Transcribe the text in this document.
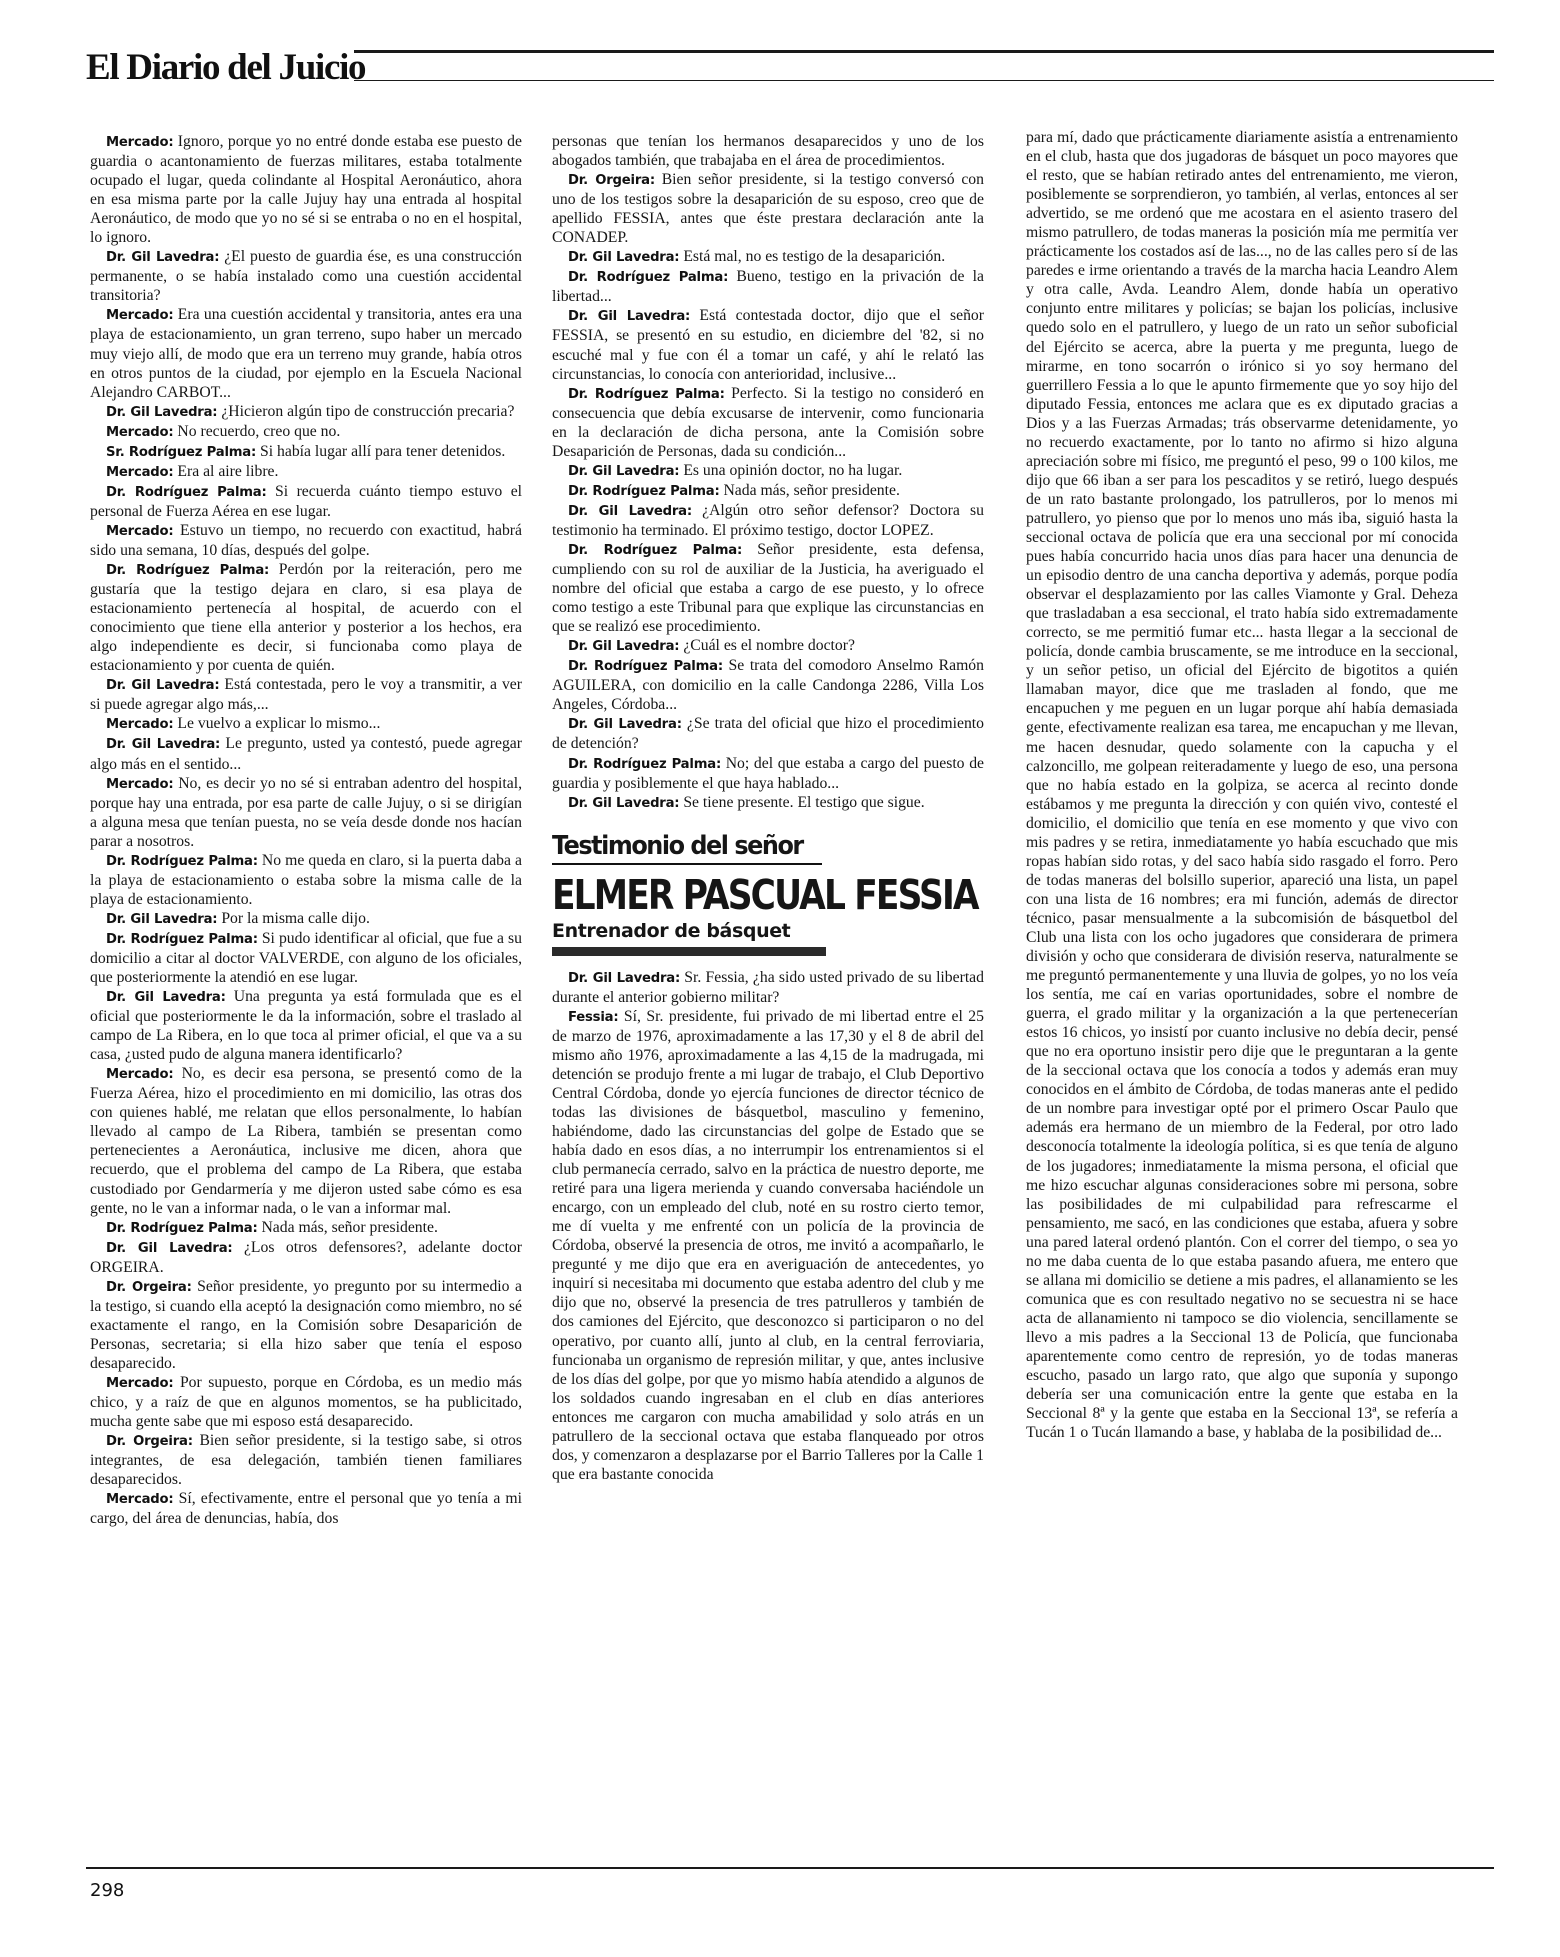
El Diario del Juicio

Mercado: Ignoro, porque yo no entré donde estaba ese puesto de guardia o acantonamiento de fuerzas militares, estaba totalmente ocupado el lugar, queda colindante al Hospital Aeronáutico, ahora en esa misma parte por la calle Jujuy hay una entrada al hospital Aeronáutico, de modo que yo no sé si se entraba o no en el hospital, lo ignoro.

Dr. Gil Lavedra: ¿El puesto de guardia ése, es una construcción permanente, o se había instalado como una cuestión accidental transitoria?

Mercado: Era una cuestión accidental y transitoria, antes era una playa de estacionamiento, un gran terreno, supo haber un mercado muy viejo allí, de modo que era un terreno muy grande, había otros en otros puntos de la ciudad, por ejemplo en la Escuela Nacional Alejandro CARBOT...

Dr. Gil Lavedra: ¿Hicieron algún tipo de construcción precaria?

Mercado: No recuerdo, creo que no.

Sr. Rodríguez Palma: Si había lugar allí para tener detenidos.

Mercado: Era al aire libre.

Dr. Rodríguez Palma: Si recuerda cuánto tiempo estuvo el personal de Fuerza Aérea en ese lugar.

Mercado: Estuvo un tiempo, no recuerdo con exactitud, habrá sido una semana, 10 días, después del golpe.

Dr. Rodríguez Palma: Perdón por la reiteración, pero me gustaría que la testigo dejara en claro, si esa playa de estacionamiento pertenecía al hospital, de acuerdo con el conocimiento que tiene ella anterior y posterior a los hechos, era algo independiente es decir, si funcionaba como playa de estacionamiento y por cuenta de quién.

Dr. Gil Lavedra: Está contestada, pero le voy a transmitir, a ver si puede agregar algo más,...

Mercado: Le vuelvo a explicar lo mismo...

Dr. Gil Lavedra: Le pregunto, usted ya contestó, puede agregar algo más en el sentido...

Mercado: No, es decir yo no sé si entraban adentro del hospital, porque hay una entrada, por esa parte de calle Jujuy, o si se dirigían a alguna mesa que tenían puesta, no se veía desde donde nos hacían parar a nosotros.

Dr. Rodríguez Palma: No me queda en claro, si la puerta daba a la playa de estacionamiento o estaba sobre la misma calle de la playa de estacionamiento.

Dr. Gil Lavedra: Por la misma calle dijo.

Dr. Rodríguez Palma: Si pudo identificar al oficial, que fue a su domicilio a citar al doctor VALVERDE, con alguno de los oficiales, que posteriormente la atendió en ese lugar.

Dr. Gil Lavedra: Una pregunta ya está formulada que es el oficial que posteriormente le da la información, sobre el traslado al campo de La Ribera, en lo que toca al primer oficial, el que va a su casa, ¿usted pudo de alguna manera identificarlo?

Mercado: No, es decir esa persona, se presentó como de la Fuerza Aérea, hizo el procedimiento en mi domicilio, las otras dos con quienes hablé, me relatan que ellos personalmente, lo habían llevado al campo de La Ribera, también se presentan como pertenecientes a Aeronáutica, inclusive me dicen, ahora que recuerdo, que el problema del campo de La Ribera, que estaba custodiado por Gendarmería y me dijeron usted sabe cómo es esa gente, no le van a informar nada, o le van a informar mal.

Dr. Rodríguez Palma: Nada más, señor presidente.

Dr. Gil Lavedra: ¿Los otros defensores?, adelante doctor ORGEIRA.

Dr. Orgeira: Señor presidente, yo pregunto por su intermedio a la testigo, si cuando ella aceptó la designación como miembro, no sé exactamente el rango, en la Comisión sobre Desaparición de Personas, secretaria; si ella hizo saber que tenía el esposo desaparecido.

Mercado: Por supuesto, porque en Córdoba, es un medio más chico, y a raíz de que en algunos momentos, se ha publicitado, mucha gente sabe que mi esposo está desaparecido.

Dr. Orgeira: Bien señor presidente, si la testigo sabe, si otros integrantes, de esa delegación, también tienen familiares desaparecidos.

Mercado: Sí, efectivamente, entre el personal que yo tenía a mi cargo, del área de denuncias, había, dos

personas que tenían los hermanos desaparecidos y uno de los abogados también, que trabajaba en el área de procedimientos.

Dr. Orgeira: Bien señor presidente, si la testigo conversó con uno de los testigos sobre la desaparición de su esposo, creo que de apellido FESSIA, antes que éste prestara declaración ante la CONADEP.

Dr. Gil Lavedra: Está mal, no es testigo de la desaparición.

Dr. Rodríguez Palma: Bueno, testigo en la privación de la libertad...

Dr. Gil Lavedra: Está contestada doctor, dijo que el señor FESSIA, se presentó en su estudio, en diciembre del '82, si no escuché mal y fue con él a tomar un café, y ahí le relató las circunstancias, lo conocía con anterioridad, inclusive...

Dr. Rodríguez Palma: Perfecto. Si la testigo no consideró en consecuencia que debía excusarse de intervenir, como funcionaria en la declaración de dicha persona, ante la Comisión sobre Desaparición de Personas, dada su condición...

Dr. Gil Lavedra: Es una opinión doctor, no ha lugar.

Dr. Rodríguez Palma: Nada más, señor presidente.

Dr. Gil Lavedra: ¿Algún otro señor defensor? Doctora su testimonio ha terminado. El próximo testigo, doctor LOPEZ.

Dr. Rodríguez Palma: Señor presidente, esta defensa, cumpliendo con su rol de auxiliar de la Justicia, ha averiguado el nombre del oficial que estaba a cargo de ese puesto, y lo ofrece como testigo a este Tribunal para que explique las circunstancias en que se realizó ese procedimiento.

Dr. Gil Lavedra: ¿Cuál es el nombre doctor?

Dr. Rodríguez Palma: Se trata del comodoro Anselmo Ramón AGUILERA, con domicilio en la calle Candonga 2286, Villa Los Angeles, Córdoba...

Dr. Gil Lavedra: ¿Se trata del oficial que hizo el procedimiento de detención?

Dr. Rodríguez Palma: No; del que estaba a cargo del puesto de guardia y posiblemente el que haya hablado...

Dr. Gil Lavedra: Se tiene presente. El testigo que sigue.

Testimonio del señor
ELMER PASCUAL FESSIA
Entrenador de básquet

Dr. Gil Lavedra: Sr. Fessia, ¿ha sido usted privado de su libertad durante el anterior gobierno militar?

Fessia: Sí, Sr. presidente, fui privado de mi libertad entre el 25 de marzo de 1976, aproximadamente a las 17,30 y el 8 de abril del mismo año 1976, aproximadamente a las 4,15 de la madrugada, mi detención se produjo frente a mi lugar de trabajo, el Club Deportivo Central Córdoba, donde yo ejercía funciones de director técnico de todas las divisiones de básquetbol, masculino y femenino, habiéndome, dado las circunstancias del golpe de Estado que se había dado en esos días, a no interrumpir los entrenamientos si el club permanecía cerrado, salvo en la práctica de nuestro deporte, me retiré para una ligera merienda y cuando conversaba haciéndole un encargo, con un empleado del club, noté en su rostro cierto temor, me dí vuelta y me enfrenté con un policía de la provincia de Córdoba, observé la presencia de otros, me invitó a acompañarlo, le pregunté y me dijo que era en averiguación de antecedentes, yo inquirí si necesitaba mi documento que estaba adentro del club y me dijo que no, observé la presencia de tres patrulleros y también de dos camiones del Ejército, que desconozco si participaron o no del operativo, por cuanto allí, junto al club, en la central ferroviaria, funcionaba un organismo de represión militar, y que, antes inclusive de los días del golpe, por que yo mismo había atendido a algunos de los soldados cuando ingresaban en el club en días anteriores entonces me cargaron con mucha amabilidad y solo atrás en un patrullero de la seccional octava que estaba flanqueado por otros dos, y comenzaron a desplazarse por el Barrio Talleres por la Calle 1 que era bastante conocida

para mí, dado que prácticamente diariamente asistía a entrenamiento en el club, hasta que dos jugadoras de básquet un poco mayores que el resto, que se habían retirado antes del entrenamiento, me vieron, posiblemente se sorprendieron, yo también, al verlas, entonces al ser advertido, se me ordenó que me acostara en el asiento trasero del mismo patrullero, de todas maneras la posición mía me permitía ver prácticamente los costados así de las..., no de las calles pero sí de las paredes e irme orientando a través de la marcha hacia Leandro Alem y otra calle, Avda. Leandro Alem, donde había un operativo conjunto entre militares y policías; se bajan los policías, inclusive quedo solo en el patrullero, y luego de un rato un señor suboficial del Ejército se acerca, abre la puerta y me pregunta, luego de mirarme, en tono socarrón o irónico si yo soy hermano del guerrillero Fessia a lo que le apunto firmemente que yo soy hijo del diputado Fessia, entonces me aclara que es ex diputado gracias a Dios y a las Fuerzas Armadas; trás observarme detenidamente, yo no recuerdo exactamente, por lo tanto no afirmo si hizo alguna apreciación sobre mi físico, me preguntó el peso, 99 o 100 kilos, me dijo que 66 iban a ser para los pescaditos y se retiró, luego después de un rato bastante prolongado, los patrulleros, por lo menos mi patrullero, yo pienso que por lo menos uno más iba, siguió hasta la seccional octava de policía que era una seccional por mí conocida pues había concurrido hacia unos días para hacer una denuncia de un episodio dentro de una cancha deportiva y además, porque podía observar el desplazamiento por las calles Viamonte y Gral. Deheza que trasladaban a esa seccional, el trato había sido extremadamente correcto, se me permitió fumar etc... hasta llegar a la seccional de policía, donde cambia bruscamente, se me introduce en la seccional, y un señor petiso, un oficial del Ejército de bigotitos a quién llamaban mayor, dice que me trasladen al fondo, que me encapuchen y me peguen en un lugar porque ahí había demasiada gente, efectivamente realizan esa tarea, me encapuchan y me llevan, me hacen desnudar, quedo solamente con la capucha y el calzoncillo, me golpean reiteradamente y luego de eso, una persona que no había estado en la golpiza, se acerca al recinto donde estábamos y me pregunta la dirección y con quién vivo, contesté el domicilio, el domicilio que tenía en ese momento y que vivo con mis padres y se retira, inmediatamente yo había escuchado que mis ropas habían sido rotas, y del saco había sido rasgado el forro. Pero de todas maneras del bolsillo superior, apareció una lista, un papel con una lista de 16 nombres; era mi función, además de director técnico, pasar mensualmente a la subcomisión de básquetbol del Club una lista con los ocho jugadores que considerara de primera división y ocho que considerara de división reserva, naturalmente se me preguntó permanentemente y una lluvia de golpes, yo no los veía los sentía, me caí en varias oportunidades, sobre el nombre de guerra, el grado militar y la organización a la que pertenecerían estos 16 chicos, yo insistí por cuanto inclusive no debía decir, pensé que no era oportuno insistir pero dije que le preguntaran a la gente de la seccional octava que los conocía a todos y además eran muy conocidos en el ámbito de Córdoba, de todas maneras ante el pedido de un nombre para investigar opté por el primero Oscar Paulo que además era hermano de un miembro de la Federal, por otro lado desconocía totalmente la ideología política, si es que tenía de alguno de los jugadores; inmediatamente la misma persona, el oficial que me hizo escuchar algunas consideraciones sobre mi persona, sobre las posibilidades de mi culpabilidad para refrescarme el pensamiento, me sacó, en las condiciones que estaba, afuera y sobre una pared lateral ordenó plantón. Con el correr del tiempo, o sea yo no me daba cuenta de lo que estaba pasando afuera, me entero que se allana mi domicilio se detiene a mis padres, el allanamiento se les comunica que es con resultado negativo no se secuestra ni se hace acta de allanamiento ni tampoco se dio violencia, sencillamente se llevo a mis padres a la Seccional 13 de Policía, que funcionaba aparentemente como centro de represión, yo de todas maneras escucho, pasado un largo rato, que algo que suponía y supongo debería ser una comunicación entre la gente que estaba en la Seccional 8ª y la gente que estaba en la Seccional 13ª, se refería a Tucán 1 o Tucán llamando a base, y hablaba de la posibilidad de...

298
